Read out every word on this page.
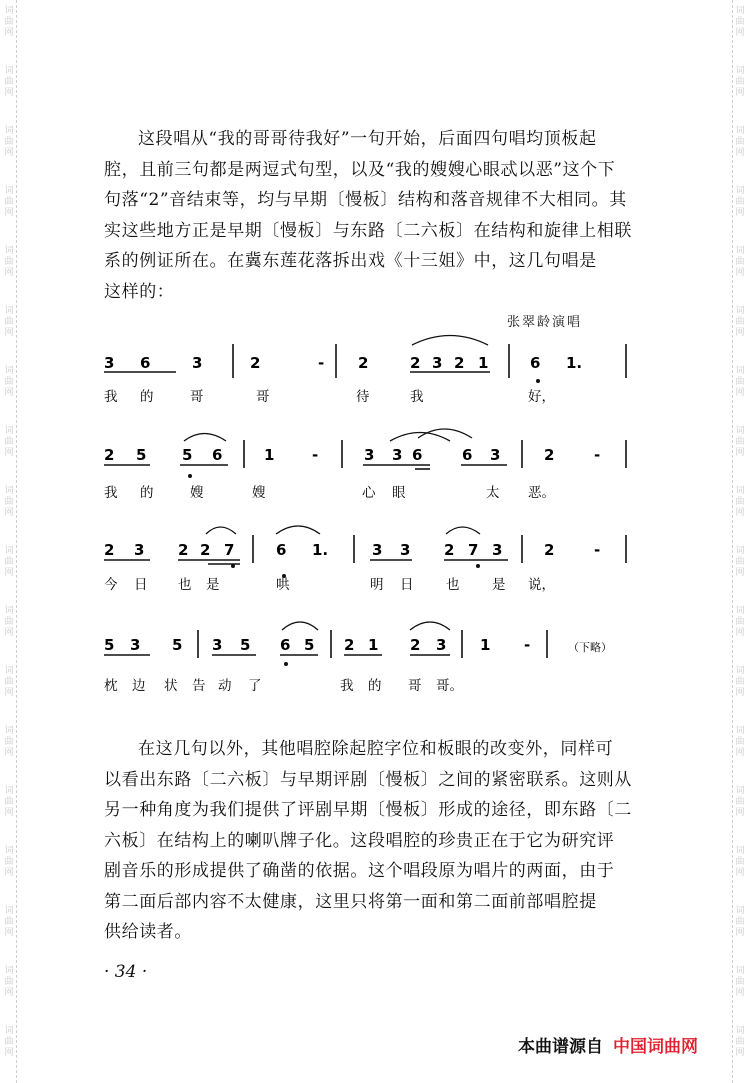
词
曲
网
词
曲
网
词
曲
网
词
曲
网
词
曲
网
词
曲
网
词
曲
网
词
曲
网
词
曲
网
词
曲
网
词
曲
网
词
曲
网
词
曲
网
词
曲
网
词
曲
网
词
曲
网
词
曲
网
词
曲
网
词
曲
网
词
曲
网
词
曲
网
词
曲
网
词
曲
网
词
曲
网
词
曲
网
词
曲
网
词
曲
网
词
曲
网
词
曲
网
词
曲
网
词
曲
网
词
曲
网
词
曲
网
词
曲
网
词
曲
网
词
曲
网
这段唱从“我的哥哥待我好”一句开始，后面四句唱均顶板起
腔，且前三句都是两逗式句型，以及“我的嫂嫂心眼忒以恶”这个下
句落“2”音结束等，均与早期〔慢板〕结构和落音规律不大相同。其
实这些地方正是早期〔慢板〕与东路〔二六板〕在结构和旋律上相联
系的例证所在。在冀东莲花落拆出戏《十三姐》中，这几句唱是
这样的：
张翠龄演唱
3 6	3	2	- 2	2 3 2 1	6 1.
我 的	哥	哥	待	我	好，
2 5 5 6	1	-	3 3 6	6 3	2	-
我 的	嫂	嫂	心 眼	太 恶。
2 3 2 2 7	6 1.	3 3 2 7 3	2	-
今 日 也 是	哄	明 日 也 是 说，
5 3 5 3 5 6 5 2 1 2 3 1 -
枕 边 状 告 动 了	我 的 哥 哥。
（下略）
在这几句以外，其他唱腔除起腔字位和板眼的改变外，同样可
以看出东路〔二六板〕与早期评剧〔慢板〕之间的紧密联系。这则从
另一种角度为我们提供了评剧早期〔慢板〕形成的途径，即东路〔二
六板〕在结构上的喇叭牌子化。这段唱腔的珍贵正在于它为研究评
剧音乐的形成提供了确凿的依据。这个唱段原为唱片的两面，由于
第二面后部内容不太健康，这里只将第一面和第二面前部唱腔提
供给读者。
· 34 ·
本曲谱源自 中国词曲网
